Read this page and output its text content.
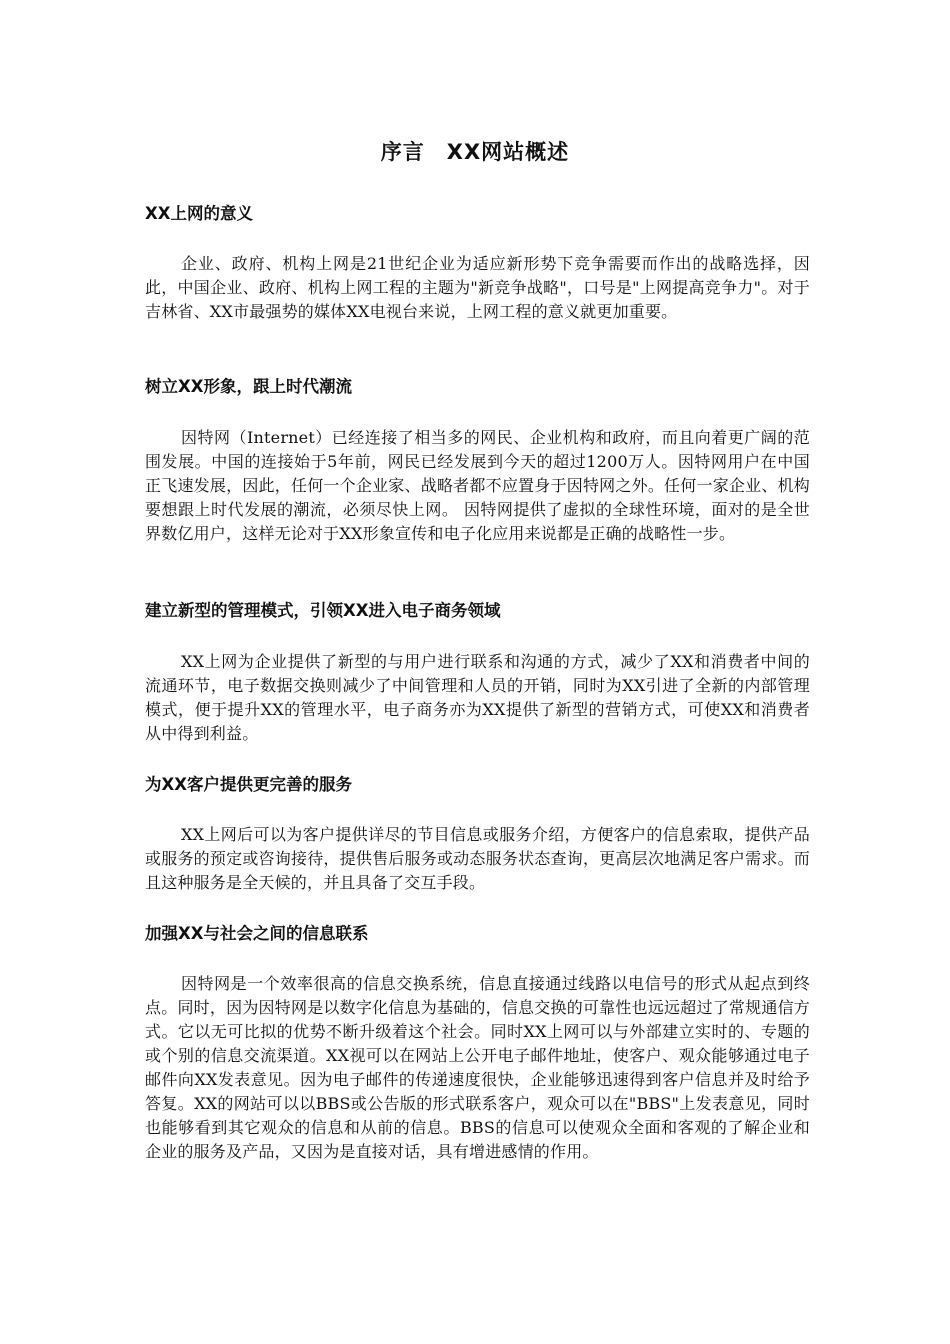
序言　XX网站概述
XX上网的意义

企业、政府、机构上网是21世纪企业为适应新形势下竞争需要而作出的战略选择，因此，中国企业、政府、机构上网工程的主题为"新竞争战略"，口号是"上网提高竞争力"。对于吉林省、XX市最强势的媒体XX电视台来说，上网工程的意义就更加重要。

树立XX形象，跟上时代潮流

因特网（Internet）已经连接了相当多的网民、企业机构和政府，而且向着更广阔的范围发展。中国的连接始于5年前，网民已经发展到今天的超过1200万人。因特网用户在中国正飞速发展，因此，任何一个企业家、战略者都不应置身于因特网之外。任何一家企业、机构要想跟上时代发展的潮流，必须尽快上网。 因特网提供了虚拟的全球性环境，面对的是全世界数亿用户，这样无论对于XX形象宣传和电子化应用来说都是正确的战略性一步。

建立新型的管理模式，引领XX进入电子商务领域

XX上网为企业提供了新型的与用户进行联系和沟通的方式，减少了XX和消费者中间的流通环节，电子数据交换则减少了中间管理和人员的开销，同时为XX引进了全新的内部管理模式，便于提升XX的管理水平，电子商务亦为XX提供了新型的营销方式，可使XX和消费者从中得到利益。

为XX客户提供更完善的服务

XX上网后可以为客户提供详尽的节目信息或服务介绍，方便客户的信息索取，提供产品或服务的预定或咨询接待，提供售后服务或动态服务状态查询，更高层次地满足客户需求。而且这种服务是全天候的，并且具备了交互手段。

加强XX与社会之间的信息联系

因特网是一个效率很高的信息交换系统，信息直接通过线路以电信号的形式从起点到终点。同时，因为因特网是以数字化信息为基础的，信息交换的可靠性也远远超过了常规通信方式。它以无可比拟的优势不断升级着这个社会。同时XX上网可以与外部建立实时的、专题的或个别的信息交流渠道。XX视可以在网站上公开电子邮件地址，使客户、观众能够通过电子邮件向XX发表意见。因为电子邮件的传递速度很快，企业能够迅速得到客户信息并及时给予答复。XX的网站可以以BBS或公告版的形式联系客户，观众可以在"BBS"上发表意见，同时也能够看到其它观众的信息和从前的信息。BBS的信息可以使观众全面和客观的了解企业和企业的服务及产品，又因为是直接对话，具有增进感情的作用。
